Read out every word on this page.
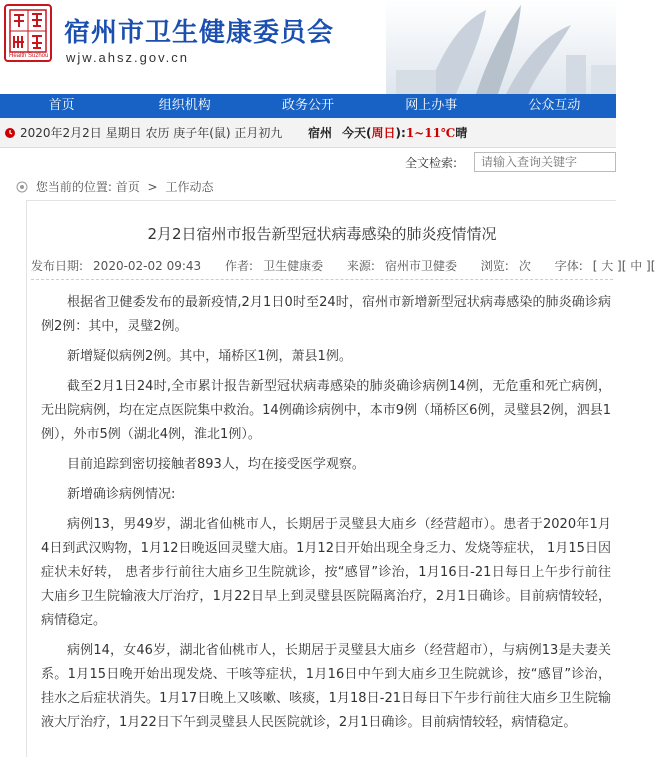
Health Suzhou
宿州市卫生健康委员会
wjw.ahsz.gov.cn
首页	组织机构	政务公开	网上办事	公众互动
2020年2月2日 星期日 农历 庚子年(鼠) 正月初九 宿州 今天(周日):1~11℃晴
全文检索:
请输入查询关键字
您当前的位置: 首页 > 工作动态
2月2日宿州市报告新型冠状病毒感染的肺炎疫情情况
发布日期: 2020-02-02 09:43 作者: 卫生健康委 来源: 宿州市卫健委 浏览: 次 字体: [ 大 ][ 中 ][

根据省卫健委发布的最新疫情,2月1日0时至24时，宿州市新增新型冠状病毒感染的肺炎确诊病例2例：其中，灵璧2例。

新增疑似病例2例。其中，埇桥区1例，萧县1例。

截至2月1日24时,全市累计报告新型冠状病毒感染的肺炎确诊病例14例，无危重和死亡病例，无出院病例，均在定点医院集中救治。14例确诊病例中，本市9例（埇桥区6例，灵璧县2例，泗县1例），外市5例（湖北4例，淮北1例）。

目前追踪到密切接触者893人，均在接受医学观察。

新增确诊病例情况:

病例13，男49岁，湖北省仙桃市人，长期居于灵璧县大庙乡（经营超市）。患者于2020年1月4日到武汉购物，1月12日晚返回灵璧大庙。1月12日开始出现全身乏力、发烧等症状， 1月15日因症状未好转， 患者步行前往大庙乡卫生院就诊，按“感冒”诊治，1月16日-21日每日上午步行前往大庙乡卫生院输液大厅治疗，1月22日早上到灵璧县医院隔离治疗，2月1日确诊。目前病情较轻，病情稳定。

病例14，女46岁，湖北省仙桃市人，长期居于灵璧县大庙乡（经营超市），与病例13是夫妻关系。1月15日晚开始出现发烧、干咳等症状，1月16日中午到大庙乡卫生院就诊，按“感冒”诊治，挂水之后症状消失。1月17日晚上又咳嗽、咳痰，1月18日-21日每日下午步行前往大庙乡卫生院输液大厅治疗，1月22日下午到灵璧县人民医院就诊，2月1日确诊。目前病情较轻，病情稳定。
